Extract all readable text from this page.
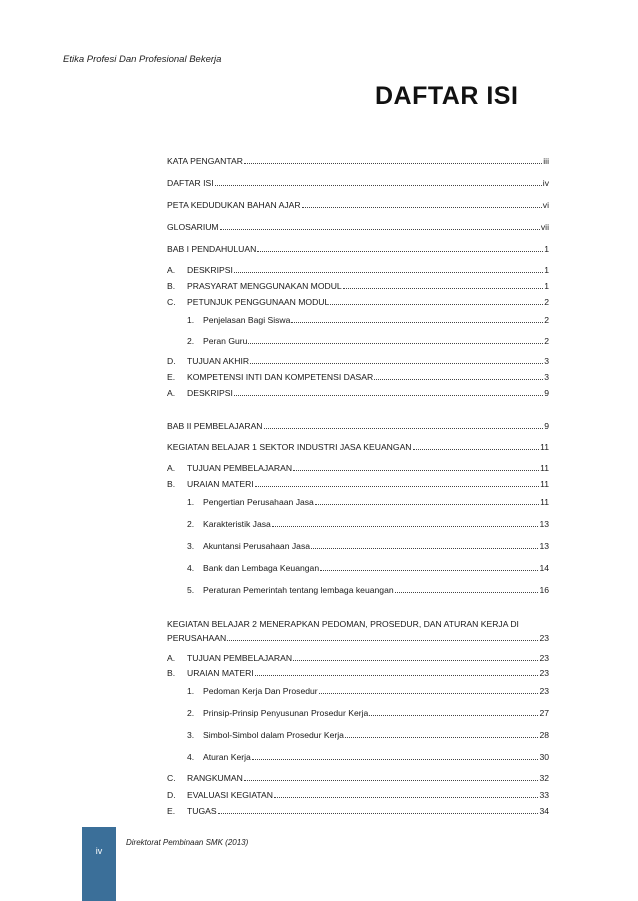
Etika Profesi Dan Profesional Bekerja
DAFTAR ISI
KATA PENGANTAR	iii
DAFTAR ISI	iv
PETA KEDUDUKAN BAHAN AJAR	vi
GLOSARIUM	vii
BAB I PENDAHULUAN	1
A.	DESKRIPSI	1
B.	PRASYARAT MENGGUNAKAN MODUL	1
C.	PETUNJUK PENGGUNAAN MODUL	2
1.	Penjelasan Bagi Siswa	2
2.	Peran Guru	2
D.	TUJUAN AKHIR	3
E.	KOMPETENSI INTI DAN KOMPETENSI DASAR	3
A.	DESKRIPSI	9
BAB II PEMBELAJARAN	9
KEGIATAN BELAJAR 1 SEKTOR INDUSTRI JASA KEUANGAN	11
A.	TUJUAN PEMBELAJARAN	11
B.	URAIAN MATERI	11
1.	Pengertian Perusahaan Jasa	11
2.	Karakteristik Jasa	13
3.	Akuntansi Perusahaan Jasa	13
4.	Bank dan Lembaga Keuangan	14
5.	Peraturan Pemerintah tentang lembaga keuangan	16
KEGIATAN BELAJAR 2 MENERAPKAN PEDOMAN, PROSEDUR, DAN ATURAN KERJA DI
PERUSAHAAN	23
A.	TUJUAN PEMBELAJARAN	23
B.	URAIAN MATERI	23
1.	Pedoman Kerja Dan Prosedur	23
2.	Prinsip-Prinsip Penyusunan Prosedur Kerja	27
3.	Simbol-Simbol dalam Prosedur Kerja	28
4.	Aturan Kerja	30
C.	RANGKUMAN	32
D.	EVALUASI KEGIATAN	33
E.	TUGAS	34
iv
Direktorat Pembinaan SMK (2013)
